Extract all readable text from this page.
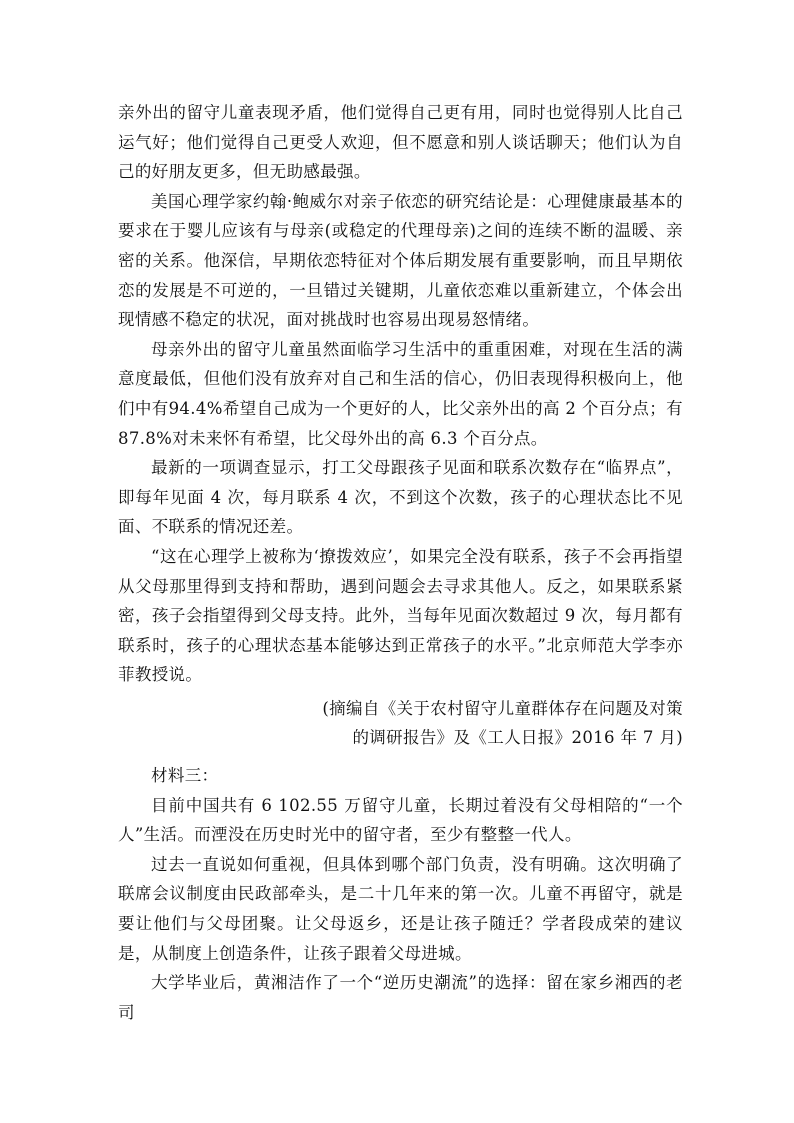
亲外出的留守儿童表现矛盾，他们觉得自己更有用，同时也觉得别人比自己运气好；他们觉得自己更受人欢迎，但不愿意和别人谈话聊天；他们认为自己的好朋友更多，但无助感最强。

美国心理学家约翰·鲍威尔对亲子依恋的研究结论是：心理健康最基本的要求在于婴儿应该有与母亲(或稳定的代理母亲)之间的连续不断的温暖、亲密的关系。他深信，早期依恋特征对个体后期发展有重要影响，而且早期依恋的发展是不可逆的，一旦错过关键期，儿童依恋难以重新建立，个体会出现情感不稳定的状况，面对挑战时也容易出现易怒情绪。

母亲外出的留守儿童虽然面临学习生活中的重重困难，对现在生活的满意度最低，但他们没有放弃对自己和生活的信心，仍旧表现得积极向上，他们中有94.4%希望自己成为一个更好的人，比父亲外出的高 2 个百分点；有 87.8%对未来怀有希望，比父母外出的高 6.3 个百分点。

最新的一项调查显示，打工父母跟孩子见面和联系次数存在“临界点”，即每年见面 4 次，每月联系 4 次，不到这个次数，孩子的心理状态比不见面、不联系的情况还差。

“这在心理学上被称为‘撩拨效应’，如果完全没有联系，孩子不会再指望从父母那里得到支持和帮助，遇到问题会去寻求其他人。反之，如果联系紧密，孩子会指望得到父母支持。此外，当每年见面次数超过 9 次，每月都有联系时，孩子的心理状态基本能够达到正常孩子的水平。”北京师范大学李亦菲教授说。

(摘编自《关于农村留守儿童群体存在问题及对策

的调研报告》及《工人日报》2016 年 7 月)

材料三：

目前中国共有 6 102.55 万留守儿童，长期过着没有父母相陪的“一个人”生活。而湮没在历史时光中的留守者，至少有整整一代人。

过去一直说如何重视，但具体到哪个部门负责，没有明确。这次明确了联席会议制度由民政部牵头，是二十几年来的第一次。儿童不再留守，就是要让他们与父母团聚。让父母返乡，还是让孩子随迁？学者段成荣的建议是，从制度上创造条件，让孩子跟着父母进城。

大学毕业后，黄湘洁作了一个“逆历史潮流”的选择：留在家乡湘西的老司
